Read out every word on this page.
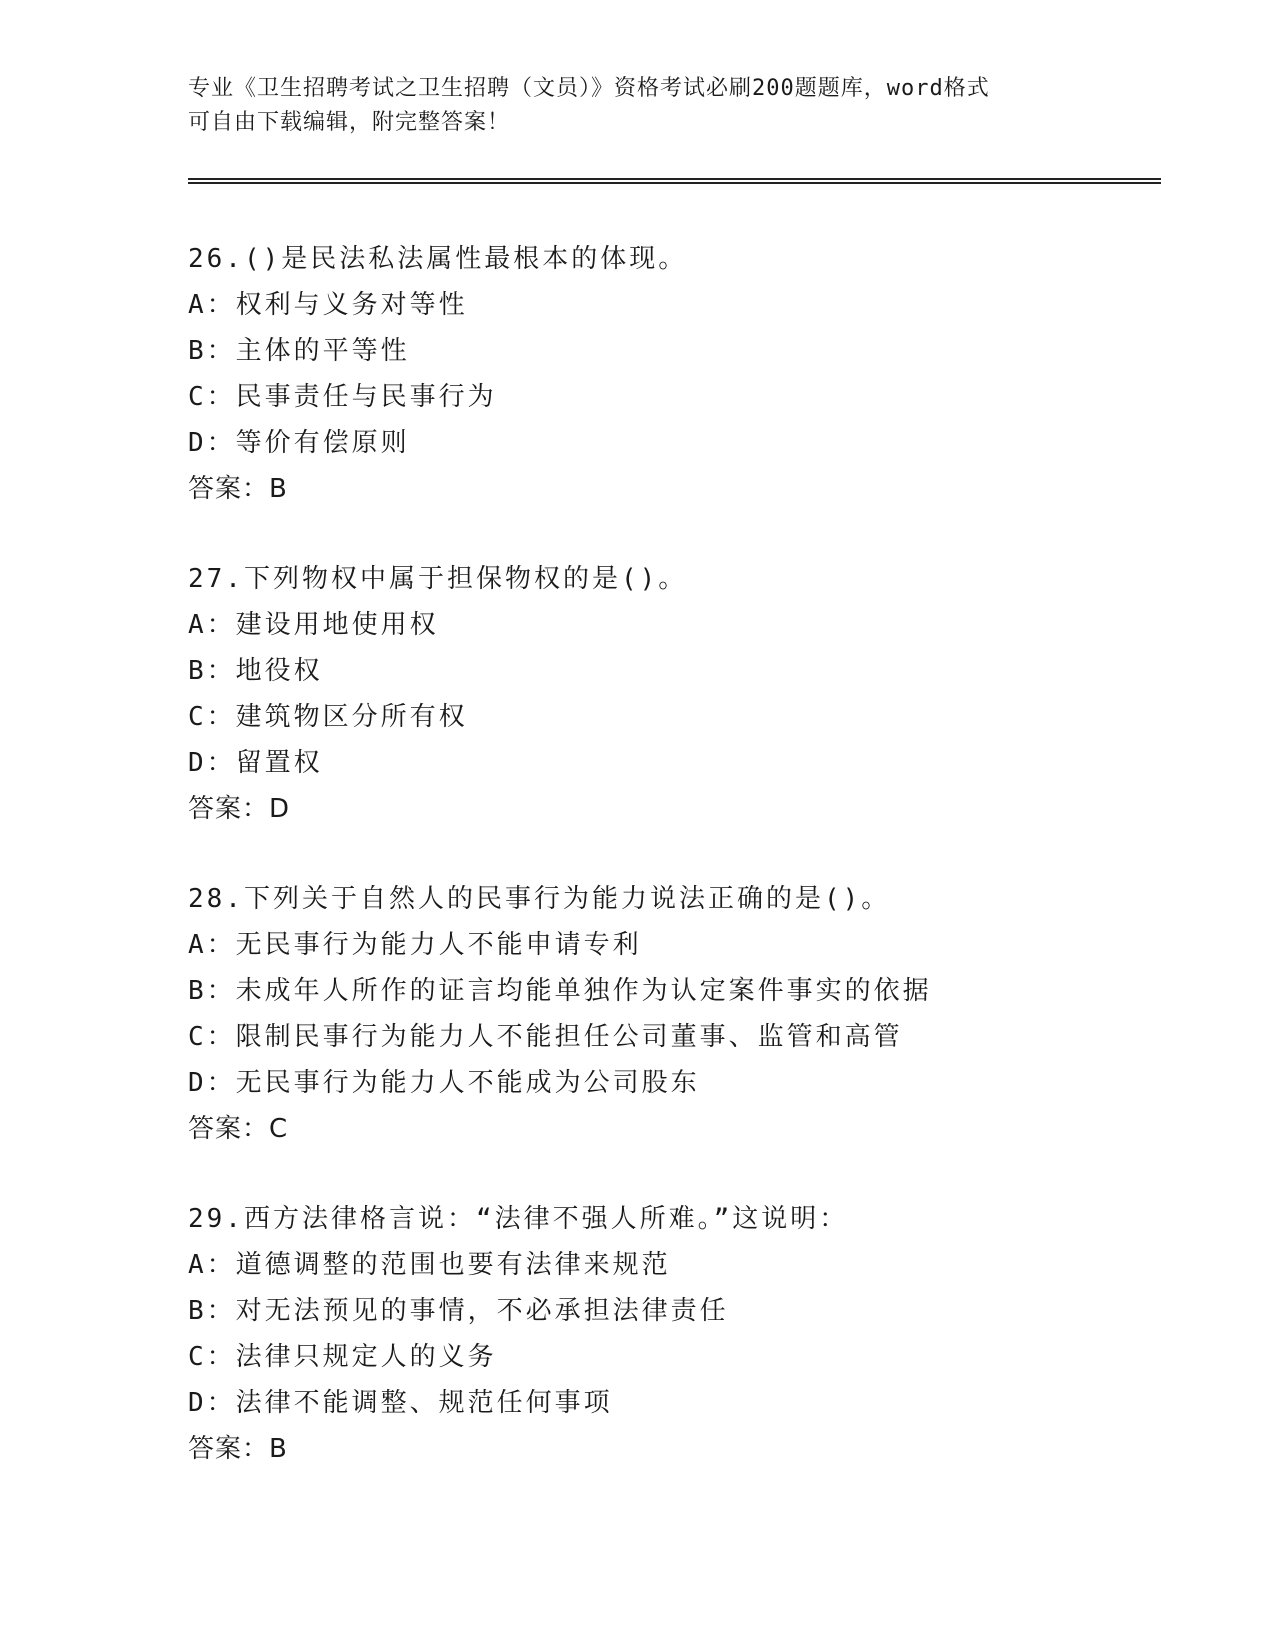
专业《卫生招聘考试之卫生招聘（文员）》资格考试必刷200题题库，word格式
可自由下载编辑，附完整答案！
26.()是民法私法属性最根本的体现。
A：权利与义务对等性
B：主体的平等性
C：民事责任与民事行为
D：等价有偿原则
答案：B
27.下列物权中属于担保物权的是()。
A：建设用地使用权
B：地役权
C：建筑物区分所有权
D：留置权
答案：D
28.下列关于自然人的民事行为能力说法正确的是()。
A：无民事行为能力人不能申请专利
B：未成年人所作的证言均能单独作为认定案件事实的依据
C：限制民事行为能力人不能担任公司董事、监管和高管
D：无民事行为能力人不能成为公司股东
答案：C
29.西方法律格言说：“法律不强人所难。”这说明：
A：道德调整的范围也要有法律来规范
B：对无法预见的事情，不必承担法律责任
C：法律只规定人的义务
D：法律不能调整、规范任何事项
答案：B
